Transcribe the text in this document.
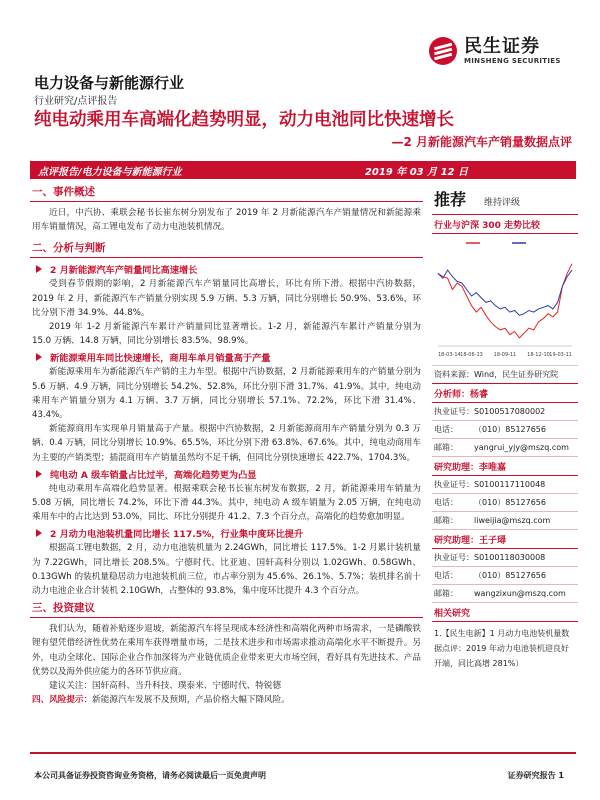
民生证券
MINSHENG SECURITIES
电力设备与新能源行业
行业研究/点评报告
纯电动乘用车高端化趋势明显，动力电池同比快速增长
—2 月新能源汽车产销量数据点评
点评报告/电力设备与新能源行业	2019 年 03 月 12 日
一、事件概述
近日，中汽协、乘联会秘书长崔东树分别发布了 2019 年 2 月新能源汽车产销量情况和新能源乘用车销量情况，高工锂电发布了动力电池装机情况。
二、分析与判断
2 月新能源汽车产销量同比高速增长
受到春节假期的影响，2 月新能源汽车产销量同比高增长，环比有所下滑。根据中汽协数据，2019 年 2 月，新能源汽车产销量分别实现 5.9 万辆、5.3 万辆，同比分别增长 50.9%、53.6%，环比分别下滑 34.9%、44.8%。
2019 年 1-2 月新能源汽车累计产销量同比显著增长。1-2 月，新能源汽车累计产销量分别为 15.0 万辆、14.8 万辆，同比分别增长 83.5%、98.9%。
新能源乘用车同比快速增长，商用车单月销量高于产量
新能源乘用车为新能源汽车产销的主力车型。根据中汽协数据，2 月新能源乘用车的产销量分别为 5.6 万辆、4.9 万辆，同比分别增长 54.2%、52.8%，环比分别下滑 31.7%、41.9%。其中，纯电动乘用车产销量分别为 4.1 万辆、3.7 万辆，同比分别增长 57.1%、72.2%，环比下滑 31.4%、43.4%。
新能源商用车实现单月销量高于产量。根据中汽协数据，2 月新能源商用车产销量分别为 0.3 万辆、0.4 万辆，同比分别增长 10.9%、65.5%，环比分别下滑 63.8%、67.6%。其中，纯电动商用车为主要的产销类型；插混商用车产销量虽然均不足千辆，但同比分别快速增长 422.7%、1704.3%。
纯电动 A 级车销量占比过半，高端化趋势更为凸显
纯电动乘用车高端化趋势显著。根据乘联会秘书长崔东树发布数据，2 月，新能源乘用车销量为 5.08 万辆，同比增长 74.2%，环比下滑 44.3%。其中，纯电动 A 级车销量为 2.05 万辆，在纯电动乘用车中的占比达到 53.0%，同比、环比分别提升 41.2、7.3 个百分点，高端化的趋势愈加明显。
2 月动力电池装机量同比增长 117.5%，行业集中度环比提升
根据高工锂电数据，2 月，动力电池装机量为 2.24GWh，同比增长 117.5%。1-2 月累计装机量为 7.22GWh，同比增长 208.5%。宁德时代、比亚迪、国轩高科分别以 1.02GWh、0.58GWh、0.13GWh 的装机量稳居动力电池装机前三位，市占率分别为 45.6%、26.1%、5.7%；装机排名前十动力电池企业合计装机 2.10GWh，占整体的 93.8%，集中度环比提升 4.3 个百分点。
三、投资建议
我们认为，随着补贴逐步退坡，新能源汽车将呈现成本经济性和高端化两种市场需求，一是磷酸铁锂有望凭借经济性优势在乘用车获得增量市场，二是技术进步和市场需求推动高端化水平不断提升。另外，电动全球化、国际企业合作加深将为产业链优质企业带来更大市场空间，看好具有先进技术、产品优势以及海外供应能力的各环节供应商。
建议关注：国轩高科、当升科技、璞泰来、宁德时代、特锐德
四、风险提示：新能源汽车发展不及预期，产品价格大幅下降风险。
推荐 维持评级
行业与沪深 300 走势比较
18-03-14 18-06-13 18-09-11 18-12-10 19-03-11
资料来源：Wind，民生证券研究院
分析师：杨睿
执业证号： S0100517080002
电话：	（010）85127656
邮箱：	yangrui_yjy@mszq.com
研究助理：李唯嘉
执业证号： S0100117110048
电话：	（010）85127656
邮箱：	liweijia@mszq.com
研究助理：王子璕
执业证号： S0100118030008
电话：	（010）85127656
邮箱：	wangzixun@mszq.com
相关研究
1.【民生电新】1 月动力电池装机量数据点评：2019 年动力电池装机迎良好开端，同比高增 281%）
本公司具备证券投资咨询业务资格，请务必阅读最后一页免责声明	证券研究报告 1
